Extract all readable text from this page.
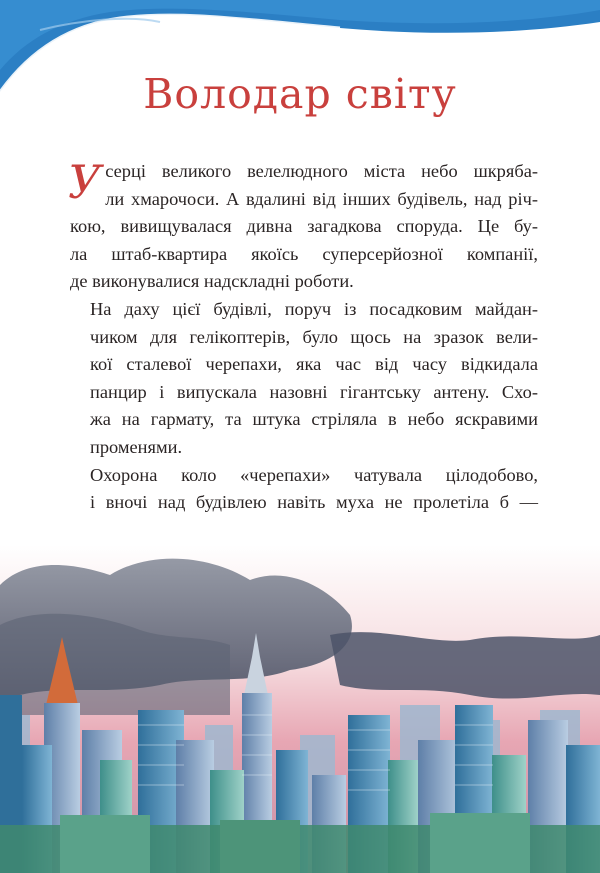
Володар світу

У серці великого велелюдного міста небо шкряба-
ли хмарочоси. А вдалині від інших будівель, над річ-
кою, вивищувалася дивна загадкова споруда. Це бу-
ла штаб-квартира якоїсь суперсерйозної компанії,
де виконувалися надскладні роботи.

На даху цієї будівлі, поруч із посадковим майдан-
чиком для гелікоптерів, було щось на зразок вели-
кої сталевої черепахи, яка час від часу відкидала
панцир і випускала назовні гігантську антену. Схо-
жа на гармату, та штука стріляла в небо яскравими
променями.

Охорона коло «черепахи» чатувала цілодобово,
і вночі над будівлею навіть муха не пролетіла б —
